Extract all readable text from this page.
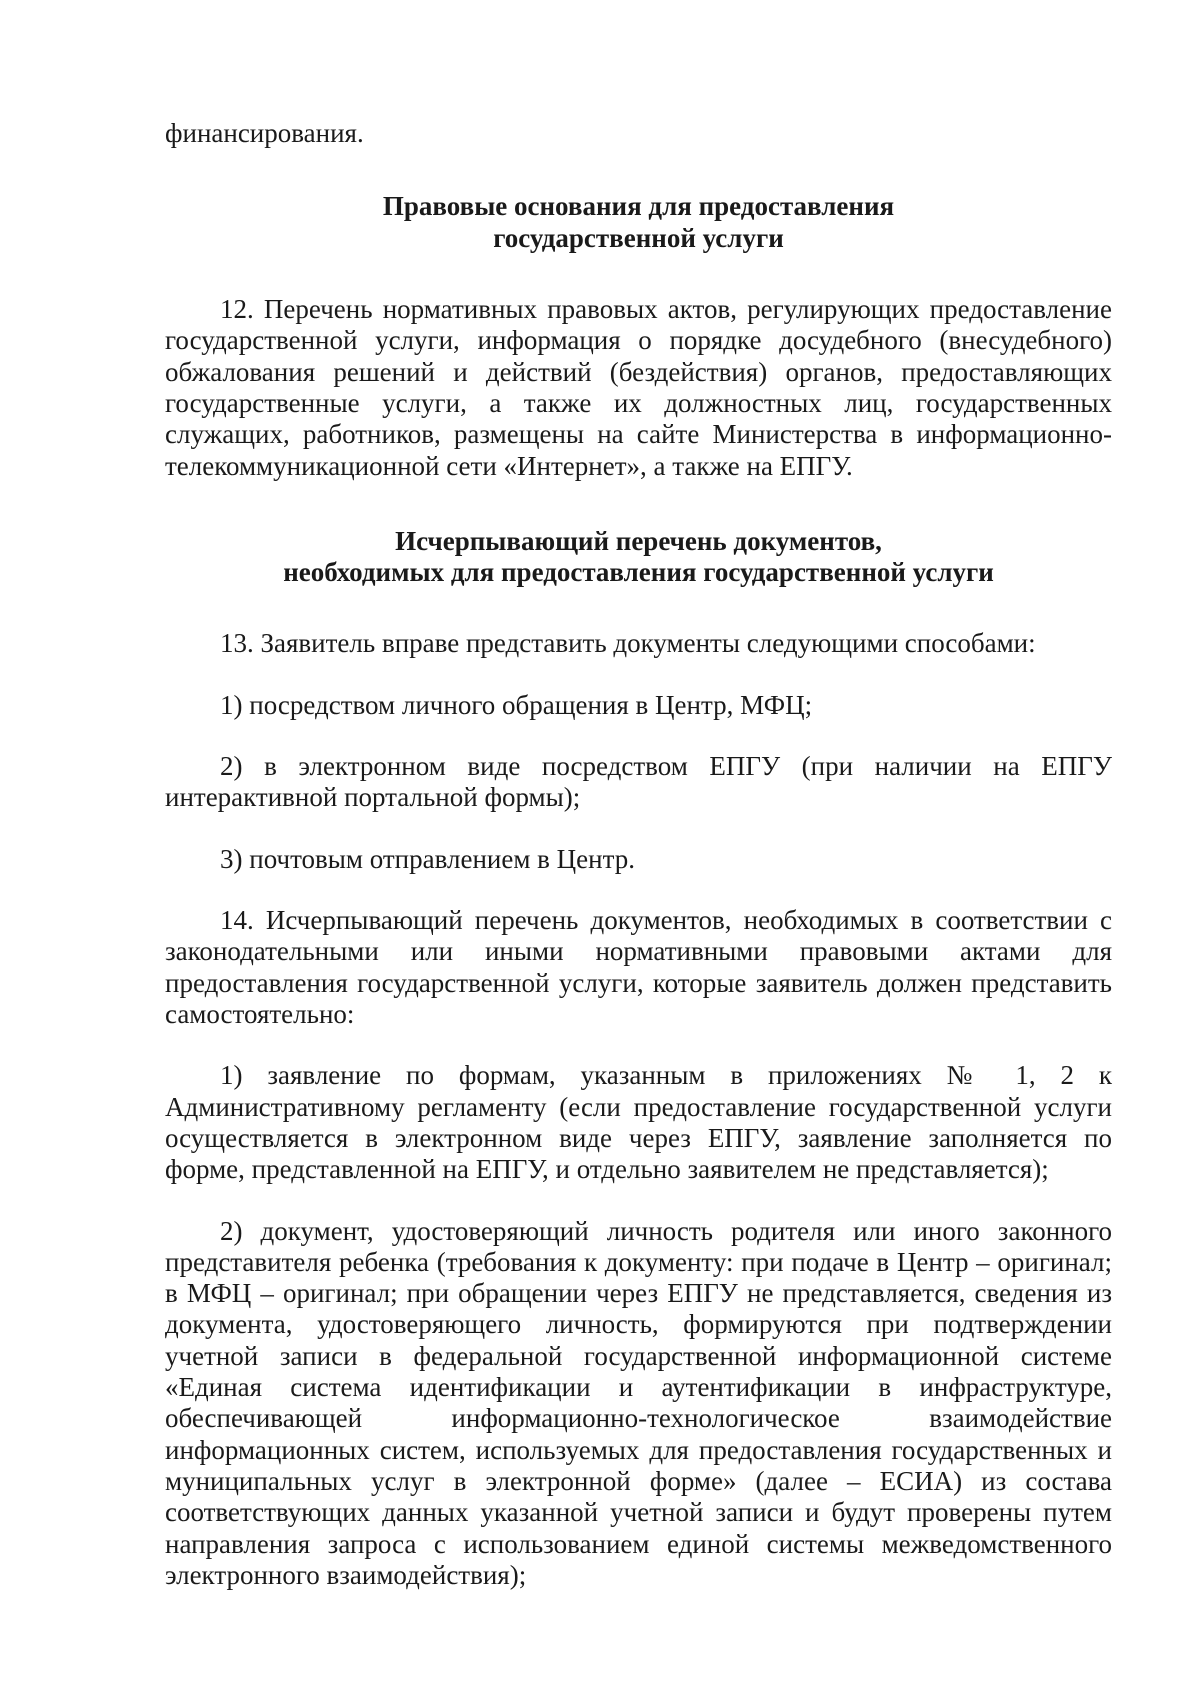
финансирования.

Правовые основания для предоставления
государственной услуги

12. Перечень нормативных правовых актов, регулирующих предоставление государственной услуги, информация о порядке досудебного (внесудебного) обжалования решений и действий (бездействия) органов, предоставляющих государственные услуги, а также их должностных лиц, государственных служащих, работников, размещены на сайте Министерства в информационно-телекоммуникационной сети «Интернет», а также на ЕПГУ.

Исчерпывающий перечень документов,
необходимых для предоставления государственной услуги

13. Заявитель вправе представить документы следующими способами:

1) посредством личного обращения в Центр, МФЦ;

2) в электронном виде посредством ЕПГУ (при наличии на ЕПГУ интерактивной портальной формы);

3) почтовым отправлением в Центр.

14. Исчерпывающий перечень документов, необходимых в соответствии с законодательными или иными нормативными правовыми актами для предоставления государственной услуги, которые заявитель должен представить самостоятельно:

1) заявление по формам, указанным в приложениях № 1, 2 к Административному регламенту (если предоставление государственной услуги осуществляется в электронном виде через ЕПГУ, заявление заполняется по форме, представленной на ЕПГУ, и отдельно заявителем не представляется);

2) документ, удостоверяющий личность родителя или иного законного представителя ребенка (требования к документу: при подаче в Центр – оригинал; в МФЦ – оригинал; при обращении через ЕПГУ не представляется, сведения из документа, удостоверяющего личность, формируются при подтверждении учетной записи в федеральной государственной информационной системе «Единая система идентификации и аутентификации в инфраструктуре, обеспечивающей информационно-технологическое взаимодействие информационных систем, используемых для предоставления государственных и муниципальных услуг в электронной форме» (далее – ЕСИА) из состава соответствующих данных указанной учетной записи и будут проверены путем направления запроса с использованием единой системы межведомственного электронного взаимодействия);
